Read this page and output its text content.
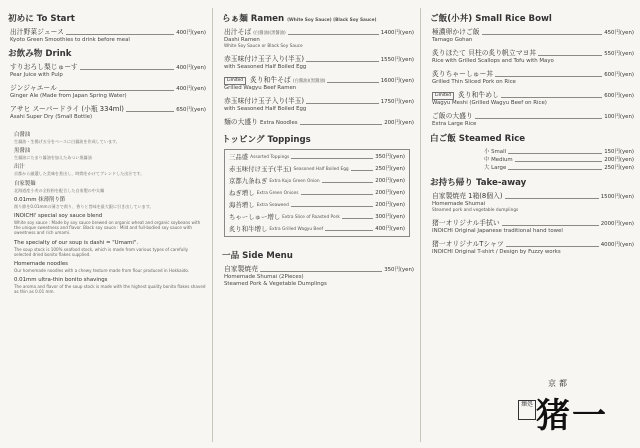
初めに To Start
出汁野菜ジュース	400円(yen)
Kyoto Green Smoothies to drink before meal
お飲み物 Drink
すりおろし梨じゅーす	400円(yen)
Pear Juice with Pulp
ジンジャエール	400円(yen)
Ginger Ale (Made from Japan Spring Water)
アサヒ スーパードライ (小瓶 334ml)	650円(yen)
Asahi Super Dry (Small Bottle)
白醤油
生醤油・生揚げ五分をベースに白醤油を作成しています。
黒醤油
生醤油にたまり醤油を加えたあつい黒醤油
出汁
京都から厳選した美味を煮出し、時間をかけてブレンドした出汁です。
自家製麺
北海道産小麦の全粒粉を配合した自家製の中太麺
0.01mm 抹薄削り節
削り節を0.01mmの薄さで削り、香りと旨味を最大限に引き出しています。
INOICHI' special soy sauce blend
White soy sauce : Made by soy sauce brewed on organic wheat and organic soybeans with the unique sweetness and flavor. Black soy sauce : Mild and full-bodied soy sauce with sweetness and rich umami.
The specialty of our soup is dashi = "Umami".
The soup stock is 100% seafood stock, which is made from various types of carefully selected dried bonito flakes supplied.
Homemade noodles
Our homemade noodles with a chewy texture made from flour produced in Hokkaido.
0.01mm ultra-thin bonito shavings
The aroma and flavor of the soup stock is made with the highest quality bonito flakes shaved as thin as 0.01 mm.
らぁ麺 Ramen (White Soy Sauce) (Black Soy Sauce)
出汁そば (白醤油)(黒醤油)	1400円(yen)
Dashi Ramen
White Soy Sauce or Black Soy Sauce
赤玉味付け玉子入り(半玉)	1550円(yen)
with Seasoned Half Boiled Egg
Limited	炙り和牛そば (白醤油)(黒醤油)	1600円(yen)
Grilled Wagyu Beef Ramen
赤玉味付け玉子入り(半玉)	1750円(yen)
with Seasoned Half Boiled Egg
麺の大盛り Extra Noodles	200円(yen)
トッピング Toppings
三品盛 Assorted Toppings	350円(yen)
赤玉味付け玉子(半玉) Seasoned Half Boiled Egg	250円(yen)
京都九条ねぎ Extra Kujo Green Onion	200円(yen)
ねぎ増し Extra Green Onions	200円(yen)
海苔増し Extra Seaweed	200円(yen)
ちゃーしゅー増し Extra Slice of Roasted Pork	300円(yen)
炙り和牛増し Extra Grilled Wagyu Beef	400円(yen)
一品 Side Menu
自家製焼売	350円(yen)
Homemade Shumai (2Pieces)
Steamed Pork & Vegetable Dumplings
ご飯(小丼) Small Rice Bowl
極濃卵かけご飯	450円(yen)
Tamago Gohan
炙りほたて 貝柱の炙り帆立マヨ丼	550円(yen)
Rice with Grilled Scallops and Tofu with Mayo
炙りちゃーしゅー丼	600円(yen)
Grilled Thin Sliced Pork on Rice
Limited	炙り和牛めし	600円(yen)
Wagyu Meshi (Grilled Wagyu Beef on Rice)
ご飯の大盛り	100円(yen)
Extra Large Rice
白ご飯 Steamed Rice
小 Small	150円(yen)
中 Medium	200円(yen)
大 Large	250円(yen)
お持ち帰り Take-away
自家製焼売 1箱(8個入)	1500円(yen)
Homemade Shumai
Steamed pork and vegetable dumplings
猪一オリジナル手拭い	2000円(yen)
INOICHI Original Japanese traditional hand towel
猪一オリジナルTシャツ	4000円(yen)
INOICHI Original T-shirt / Design by Fuzzy works
京都
麺処 猪一
